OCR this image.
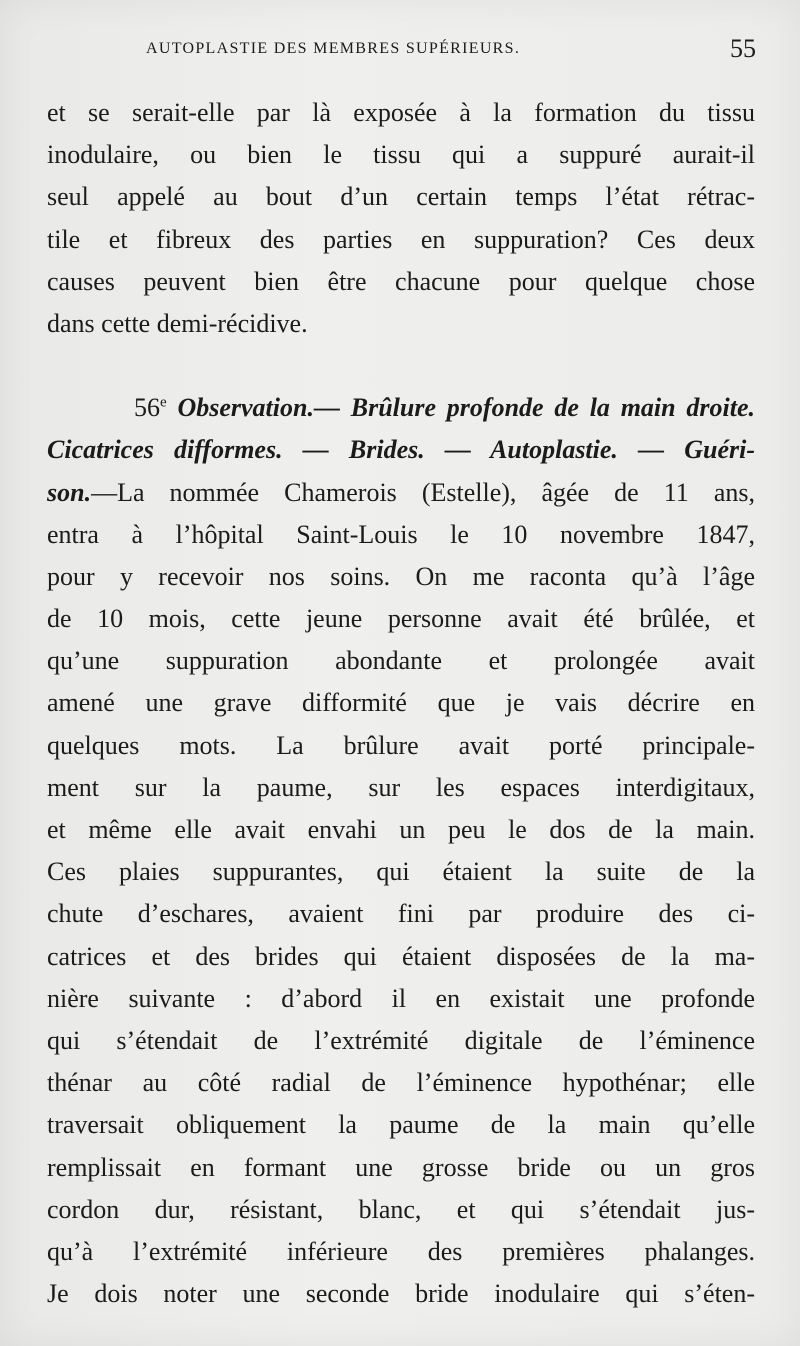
AUTOPLASTIE DES MEMBRES SUPÉRIEURS.	55
et se serait-elle par là exposée à la formation du tissu
inodulaire, ou bien le tissu qui a suppuré aurait-il
seul appelé au bout d’un certain temps l’état rétrac-
tile et fibreux des parties en suppuration? Ces deux
causes peuvent bien être chacune pour quelque chose
dans cette demi-récidive.
56e Observation.— Brûlure profonde de la main droite.
Cicatrices difformes. — Brides. — Autoplastie. — Guéri-
son.—La nommée Chamerois (Estelle), âgée de 11 ans,
entra à l’hôpital Saint-Louis le 10 novembre 1847,
pour y recevoir nos soins. On me raconta qu’à l’âge
de 10 mois, cette jeune personne avait été brûlée, et
qu’une suppuration abondante et prolongée avait
amené une grave difformité que je vais décrire en
quelques mots. La brûlure avait porté principale-
ment sur la paume, sur les espaces interdigitaux,
et même elle avait envahi un peu le dos de la main.
Ces plaies suppurantes, qui étaient la suite de la
chute d’eschares, avaient fini par produire des ci-
catrices et des brides qui étaient disposées de la ma-
nière suivante : d’abord il en existait une profonde
qui s’étendait de l’extrémité digitale de l’éminence
thénar au côté radial de l’éminence hypothénar; elle
traversait obliquement la paume de la main qu’elle
remplissait en formant une grosse bride ou un gros
cordon dur, résistant, blanc, et qui s’étendait jus-
qu’à l’extrémité inférieure des premières phalanges.
Je dois noter une seconde bride inodulaire qui s’éten-
